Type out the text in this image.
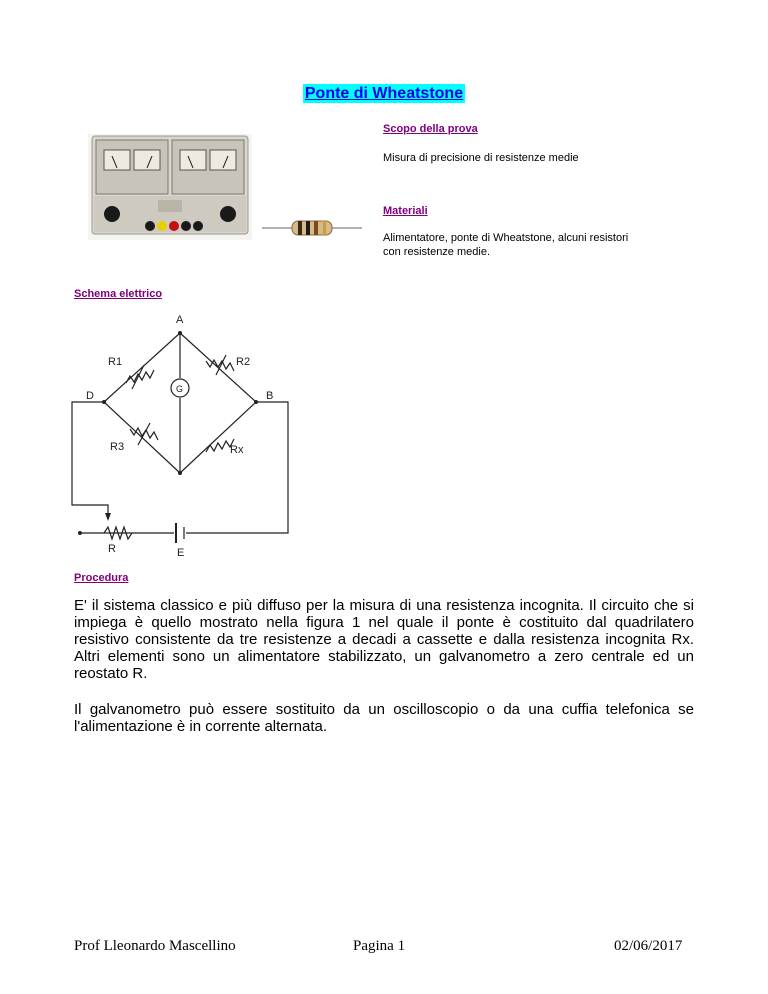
Ponte di Wheatstone
Scopo della prova
Misura di precisione di resistenze medie
Materiali
Alimentatore, ponte di Wheatstone, alcuni resistori
con resistenze medie.
Schema elettrico
A
B
D
E
R1	R2
R3	Rx
R
G
Procedura
E' il sistema classico e più diffuso per la misura di una resistenza incognita. Il circuito che si impiega è quello mostrato nella figura 1 nel quale il ponte è costituito dal quadrilatero resistivo consistente da tre resistenze a decadi a cassette e dalla resistenza incognita Rx. Altri elementi sono un alimentatore stabilizzato, un galvanometro a zero centrale ed un reostato R.
Il galvanometro può essere sostituito da un oscilloscopio o da una cuffia telefonica se l'alimentazione è in corrente alternata.
Prof Lleonardo Mascellino	Pagina 1	02/06/2017
